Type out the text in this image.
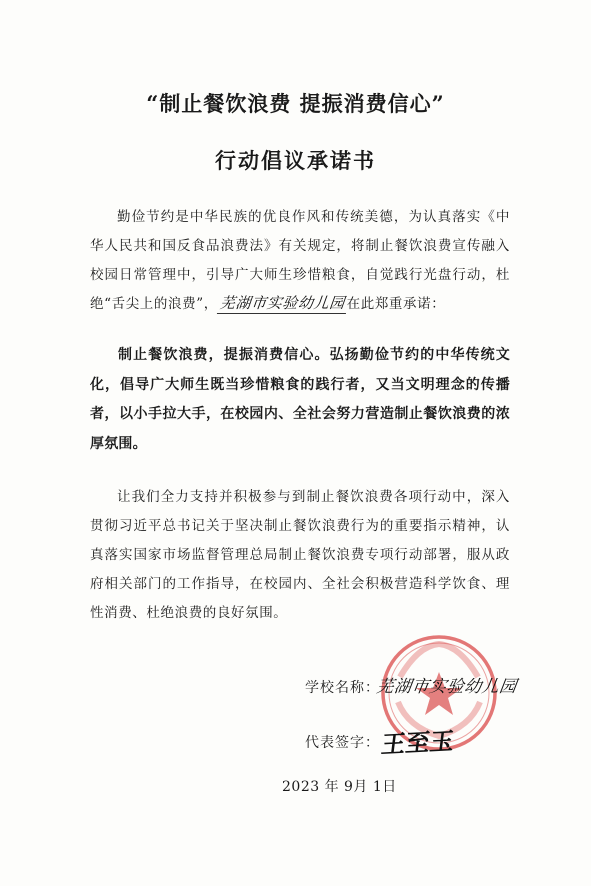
“制止餐饮浪费 提振消费信心”
行动倡议承诺书

勤俭节约是中华民族的优良作风和传统美德，为认真落实《中华人民共和国反食品浪费法》有关规定，将制止餐饮浪费宣传融入校园日常管理中，引导广大师生珍惜粮食，自觉践行光盘行动，杜绝“舌尖上的浪费”，芜湖市实验幼儿园在此郑重承诺：

制止餐饮浪费，提振消费信心。弘扬勤俭节约的中华传统文化，倡导广大师生既当珍惜粮食的践行者，又当文明理念的传播者，以小手拉大手，在校园内、全社会努力营造制止餐饮浪费的浓厚氛围。

让我们全力支持并积极参与到制止餐饮浪费各项行动中，深入贯彻习近平总书记关于坚决制止餐饮浪费行为的重要指示精神，认真落实国家市场监督管理总局制止餐饮浪费专项行动部署，服从政府相关部门的工作指导，在校园内、全社会积极营造科学饮食、理性消费、杜绝浪费的良好氛围。

学校名称：
芜湖市实验幼儿园
代表签字： 王至玉
2023 年 9月 1日
